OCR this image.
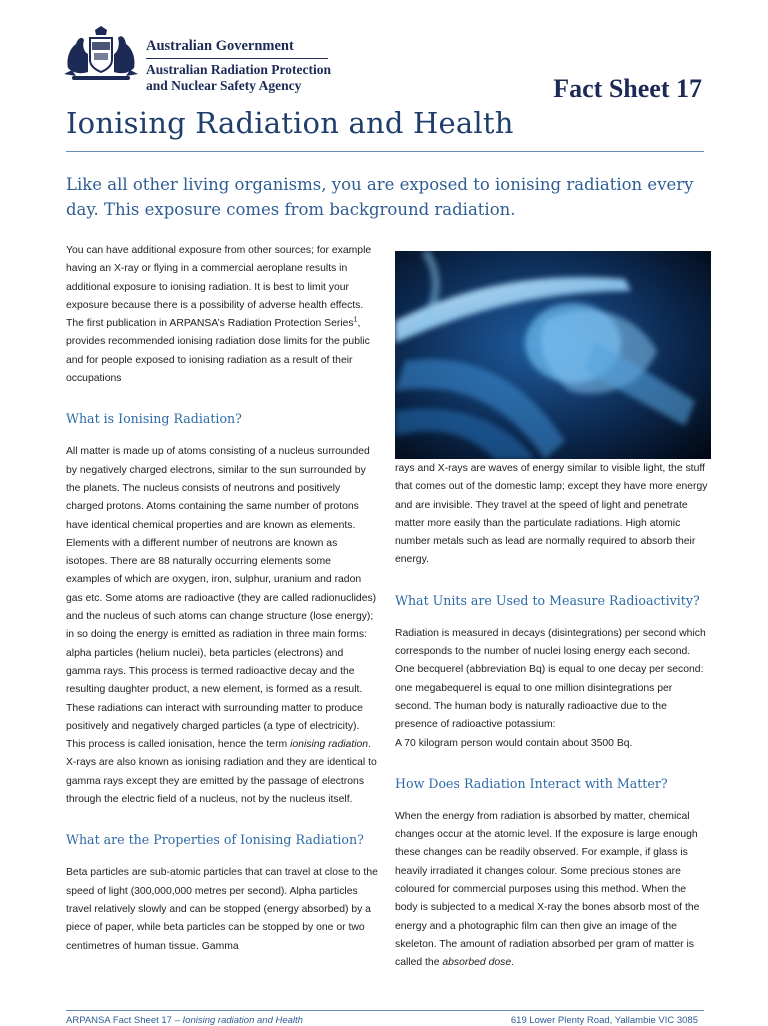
Australian Government
Australian Radiation Protection
and Nuclear Safety Agency	Fact Sheet 17
Ionising Radiation and Health
Like all other living organisms, you are exposed to ionising radiation every day. This exposure comes from background radiation.

You can have additional exposure from other sources; for example having an X-ray or flying in a commercial aeroplane results in additional exposure to ionising radiation. It is best to limit your exposure because there is a possibility of adverse health effects. The first publication in ARPANSA’s Radiation Protection Series$^1$, provides recommended ionising radiation dose limits for the public and for people exposed to ionising radiation as a result of their occupations

What is Ionising Radiation?

All matter is made up of atoms consisting of a nucleus surrounded by negatively charged electrons, similar to the sun surrounded by the planets. The nucleus consists of neutrons and positively charged protons. Atoms containing the same number of protons have identical chemical properties and are known as elements. Elements with a different number of neutrons are known as isotopes. There are 88 naturally occurring elements some examples of which are oxygen, iron, sulphur, uranium and radon gas etc. Some atoms are radioactive (they are called radionuclides) and the nucleus of such atoms can change structure (lose energy); in so doing the energy is emitted as radiation in three main forms: alpha particles (helium nuclei), beta particles (electrons) and gamma rays. This process is termed radioactive decay and the resulting daughter product, a new element, is formed as a result. These radiations can interact with surrounding matter to produce positively and negatively charged particles (a type of electricity). This process is called ionisation, hence the term ionising radiation. X-rays are also known as ionising radiation and they are identical to gamma rays except they are emitted by the passage of electrons through the electric field of a nucleus, not by the nucleus itself.

What are the Properties of Ionising Radiation?

Beta particles are sub-atomic particles that can travel at close to the speed of light (300,000,000 metres per second). Alpha particles travel relatively slowly and can be stopped (energy absorbed) by a piece of paper, while beta particles can be stopped by one or two centimetres of human tissue. Gamma

rays and X-rays are waves of energy similar to visible light, the stuff that comes out of the domestic lamp; except they have more energy and are invisible. They travel at the speed of light and penetrate matter more easily than the particulate radiations. High atomic number metals such as lead are normally required to absorb their energy.

What Units are Used to Measure Radioactivity?

Radiation is measured in decays (disintegrations) per second which corresponds to the number of nuclei losing energy each second. One becquerel (abbreviation Bq) is equal to one decay per second: one megabequerel is equal to one million disintegrations per second. The human body is naturally radioactive due to the presence of radioactive potassium:
A 70 kilogram person would contain about 3500 Bq.

How Does Radiation Interact with Matter?

When the energy from radiation is absorbed by matter, chemical changes occur at the atomic level. If the exposure is large enough these changes can be readily observed. For example, if glass is heavily irradiated it changes colour. Some precious stones are coloured for commercial purposes using this method. When the body is subjected to a medical X-ray the bones absorb most of the energy and a photographic film can then give an image of the skeleton. The amount of radiation absorbed per gram of matter is called the absorbed dose.

ARPANSA Fact Sheet 17 – Ionising radiation and Health	619 Lower Plenty Road, Yallambie VIC 3085
